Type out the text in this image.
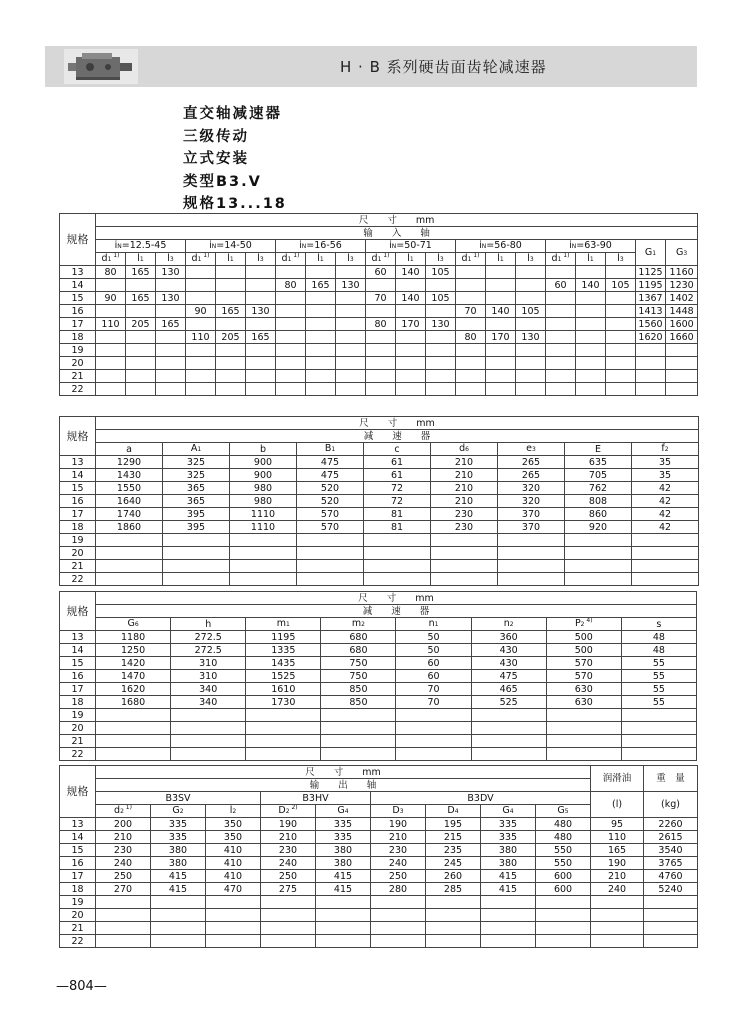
H · B 系列硬齿面齿轮减速器
直交轴减速器
三级传动
立式安装
类型B3.V
规格13...18
规格	尺　　寸　　mm																			
	输　　入　　轴																			
	iN=12.5-45			iN=14-50			iN=16-56			iN=50-71			iN=56-80			iN=63-90			G1	G3
	d1 $^{1)}$	l1	l3	d1 $^{1)}$	l1	l3	d1 $^{1)}$	l1	l3	d1 $^{1)}$	l1	l3	d1 $^{1)}$	l1	l3	d1 $^{1)}$	l1	l3		
13	80	165	130							60	140	105							1125	1160
14							80	165	130							60	140	105	1195	1230
15	90	165	130							70	140	105							1367	1402
16				90	165	130							70	140	105				1413	1448
17	110	205	165							80	170	130							1560	1600
18				110	205	165							80	170	130				1620	1660
19																				
20																				
21																				
22																				
规格	尺　　寸　　mm								
	减　　速　　器								
	a	A1	b	B1	c	d6	e3	E	f2
13	1290	325	900	475	61	210	265	635	35
14	1430	325	900	475	61	210	265	705	35
15	1550	365	980	520	72	210	320	762	42
16	1640	365	980	520	72	210	320	808	42
17	1740	395	1110	570	81	230	370	860	42
18	1860	395	1110	570	81	230	370	920	42
19									
20									
21									
22									
规格	尺　　寸　　mm							
	减　　速　　器							
	G6	h	m1	m2	n1	n2	P2 $^{4)}$	s
13	1180	272.5	1195	680	50	360	500	48
14	1250	272.5	1335	680	50	430	500	48
15	1420	310	1435	750	60	430	570	55
16	1470	310	1525	750	60	475	570	55
17	1620	340	1610	850	70	465	630	55
18	1680	340	1730	850	70	525	630	55
19								
20								
21								
22								
规格	尺　　寸　　mm									润滑油	重　量
	输　　出　　轴										
	B3SV			B3HV		B3DV				(l)	(kg)
	d2 $^{1)}$	G2	l2	D2 $^{2)}$	G4	D3	D4	G4	G5		
13	200	335	350	190	335	190	195	335	480	95	2260
14	210	335	350	210	335	210	215	335	480	110	2615
15	230	380	410	230	380	230	235	380	550	165	3540
16	240	380	410	240	380	240	245	380	550	190	3765
17	250	415	410	250	415	250	260	415	600	210	4760
18	270	415	470	275	415	280	285	415	600	240	5240
19											
20											
21											
22											
—804—
